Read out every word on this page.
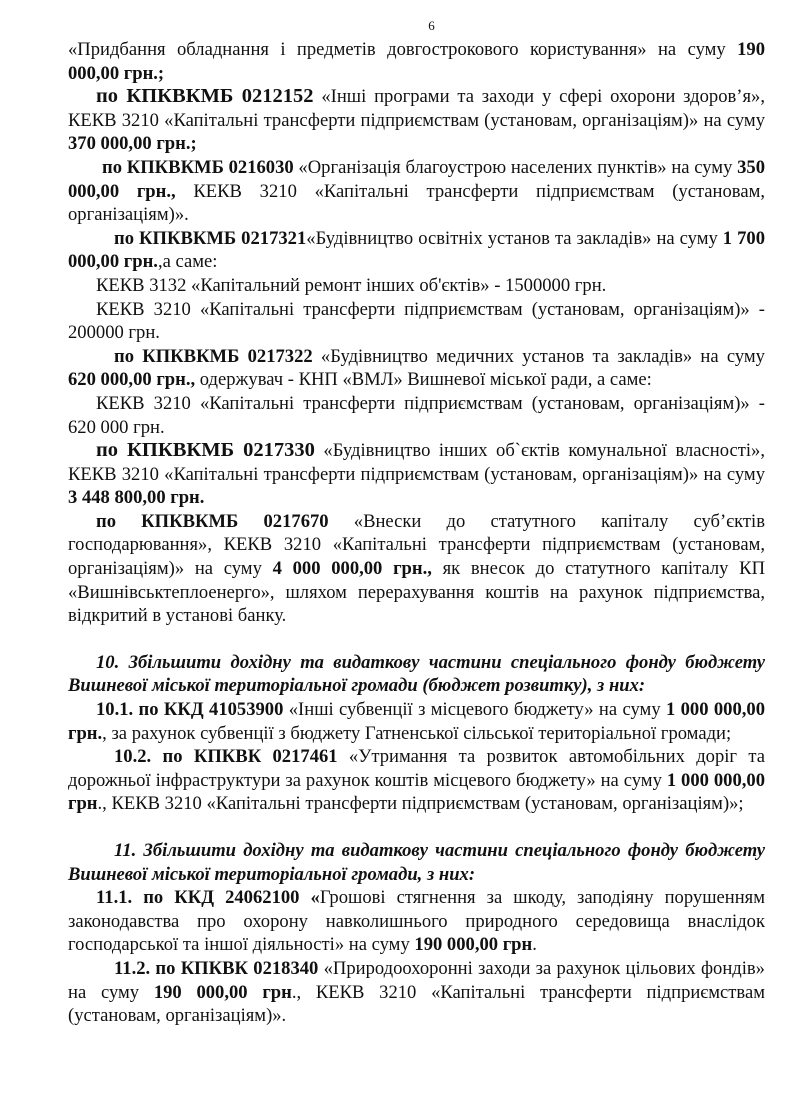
6

«Придбання обладнання і предметів довгострокового користування» на суму 190 000,00 грн.;

по КПКВКМБ 0212152 «Інші програми та заходи у сфері охорони здоров’я», КЕКВ 3210 «Капітальні трансферти підприємствам (установам, організаціям)» на суму 370 000,00 грн.;

по КПКВКМБ 0216030 «Організація благоустрою населених пунктів» на суму 350 000,00 грн., КЕКВ 3210 «Капітальні трансферти підприємствам (установам, організаціям)».

по КПКВКМБ 0217321«Будівництво освітніх установ та закладів» на суму 1 700 000,00 грн.,а саме:

КЕКВ 3132 «Капітальний ремонт інших об'єктів» - 1500000 грн.

КЕКВ 3210 «Капітальні трансферти підприємствам (установам, організаціям)» - 200000 грн.

по КПКВКМБ 0217322 «Будівництво медичних установ та закладів» на суму 620 000,00 грн., одержувач - КНП «ВМЛ» Вишневої міської ради, а саме:

КЕКВ 3210 «Капітальні трансферти підприємствам (установам, організаціям)» - 620 000 грн.

по КПКВКМБ 0217330 «Будівництво інших об`єктів комунальної власності», КЕКВ 3210 «Капітальні трансферти підприємствам (установам, організаціям)» на суму 3 448 800,00 грн.

по КПКВКМБ 0217670 «Внески до статутного капіталу суб’єктів господарювання», КЕКВ 3210 «Капітальні трансферти підприємствам (установам, організаціям)» на суму 4 000 000,00 грн., як внесок до статутного капіталу КП «Вишнівськтеплоенерго», шляхом перерахування коштів на рахунок підприємства, відкритий в установі банку.

10. Збільшити дохідну та видаткову частини спеціального фонду бюджету Вишневої міської територіальної громади (бюджет розвитку), з них:

10.1. по ККД 41053900 «Інші субвенції з місцевого бюджету» на суму 1 000 000,00 грн., за рахунок субвенції з бюджету Гатненської сільської територіальної громади;

10.2. по КПКВК 0217461 «Утримання та розвиток автомобільних доріг та дорожньої інфраструктури за рахунок коштів місцевого бюджету» на суму 1 000 000,00 грн., КЕКВ 3210 «Капітальні трансферти підприємствам (установам, організаціям)»;

11. Збільшити дохідну та видаткову частини спеціального фонду бюджету Вишневої міської територіальної громади, з них:

11.1. по ККД 24062100 «Грошові стягнення за шкоду, заподіяну порушенням законодавства про охорону навколишнього природного середовища внаслідок господарської та іншої діяльності» на суму 190 000,00 грн.

11.2. по КПКВК 0218340 «Природоохоронні заходи за рахунок цільових фондів» на суму 190 000,00 грн., КЕКВ 3210 «Капітальні трансферти підприємствам (установам, організаціям)».
